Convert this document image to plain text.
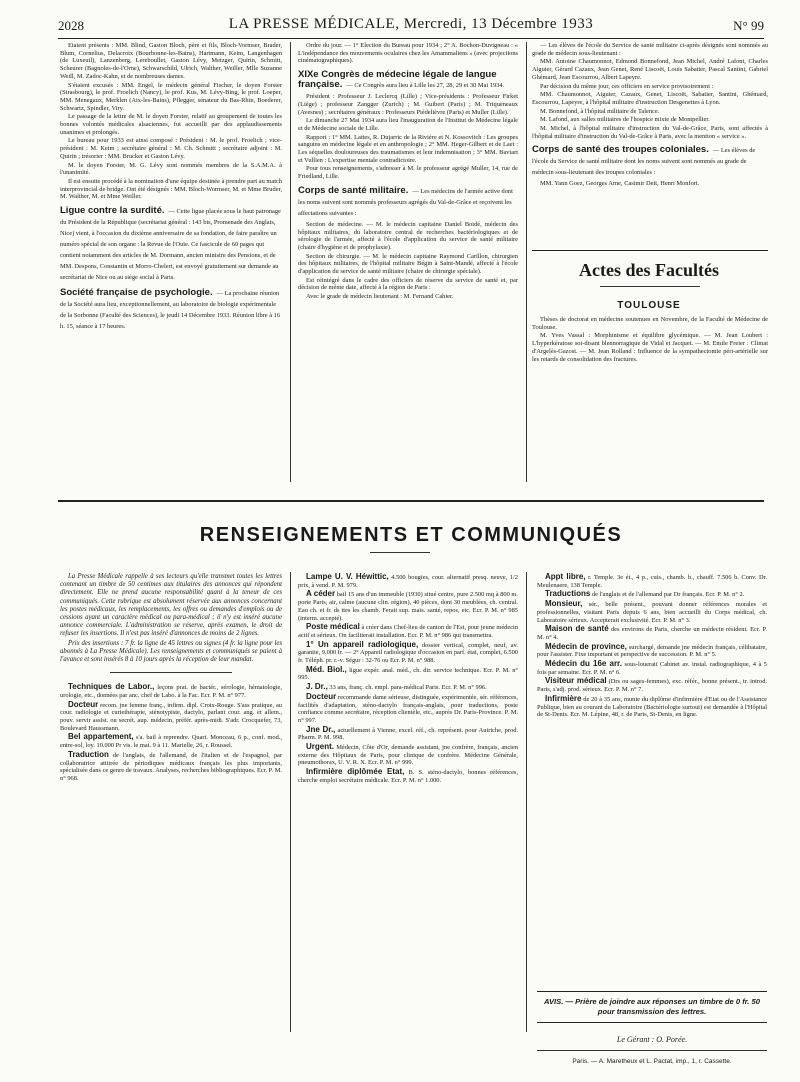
2028	LA PRESSE MÉDICALE, Mercredi, 13 Décembre 1933	N° 99

Etaient présents : MM. Blind, Gaston Bloch, père et fils, Bloch-Vormser, Brader, Blum, Cornelius, Delacroix (Bourbonne-les-Bains), Hartmann, Keim, Langenhagen (de Luxeuil), Lanzenberg, Lereboullet, Gaston Lévy, Metzger, Quirin, Schmitt, Scheurer (Bagnoles-de-l'Orne), Schwarschild, Ulrich, Walther, Weiller, Mlle Suzanne Weill, M. Zadoc-Kahn, et de nombreuses dames.

S'étaient excusés : MM. Engel, le médecin général Fischer, le doyen Forster (Strasbourg), le prof. Froelich (Nancy), le prof. Kus, M. Lévy-Bing, le prof. Loeper, MM. Menegaux, Merklen (Aix-les-Bains), Pflegger, sénateur du Bas-Rhin, Boederer, Schwartz, Spindler, Viry.

Le passage de la lettre de M. le doyen Forster, relatif au groupement de toutes les bonnes volontés médicales alsaciennes, fut accueilli par des applaudissements unanimes et prolongés.

Le bureau pour 1933 est ainsi composé : Président : M. le prof. Froelich ; vice-président : M. Keim ; secrétaire général : M. Ch. Schmitt ; secrétaire adjoint : M. Quirin ; trésorier : MM. Brucker et Gaston Lévy.

M. le doyen Forster, M. G. Lévy sont nommés membres de la S.A.M.A. à l'unanimité.

Il est ensuite procédé à la nomination d'une équipe destinée à prendre part au match interprovincial de bridge. Ont été désignés : MM. Bloch-Wormser, M. et Mme Bruder, M. Walther, M. et Mme Weiller.

Ligue contre la surdité. — Cette ligue placée sous le haut patronage du Président de la République (secrétariat général : 143 bis, Promenade des Anglais, Nice) vient, à l'occasion du dixième anniversaire de sa fondation, de faire paraître un numéro spécial de son organe : la Revue de l'Ouïe. Ce fascicule de 60 pages qui contient notamment des articles de M. Dormann, ancien ministre des Pensions, et de MM. Despons, Constantin et Morro-Chelert, est envoyé gratuitement sur demande au secrétariat de Nice ou au siège social à Paris.
Société française de psychologie. — La prochaine réunion de la Société aura lieu, exceptionnellement, au laboratoire de biologie expérimentale de la Sorbonne (Faculté des Sciences), le jeudi 14 Décembre 1933. Réunion libre à 16 h. 15, séance à 17 heures.

Ordre du jour. — 1° Election du Bureau pour 1934 ; 2° A. Bochon-Duvigneau : « L'indépendance des mouvements oculaires chez les Amammaliens » (avec projections cinématographiques).

XIXe Congrès de médecine légale de langue française. — Ce Congrès aura lieu à Lille les 27, 28, 29 et 30 Mai 1934.

Président : Professeur J. Leclercq (Lille) ; Vice-présidents : Professeur Firket (Liège) ; professeur Zangger (Zurich) ; M. Guibert (Paris) ; M. Triqueneaux (Avesnes) ; secrétaires généraux : Professeurs Piédelièvre (Paris) et Muller (Lille).

Le dimanche 27 Mai 1934 aura lieu l'inauguration de l'Institut de Médecine légale et de Médecine sociale de Lille.

Rapport : 1° MM. Lattes, R. Dujarric de la Rivière et N. Kossovitch : Les groupes sanguins en médecine légale et en anthropologie ; 2° MM. Heger-Gilbert et de Laet : Les séquelles douloureuses des traumatismes et leur indemnisation ; 3° MM. Baviart et Vullien : L'expertise mentale contradictoire.

Pour tous renseignements, s'adresser à M. le professeur agrégé Muller, 14, rue de Friedland, Lille.

Corps de santé militaire. — Les médecins de l'armée active dont les noms suivent sont nommés professeurs agrégés du Val-de-Grâce et reçoivent les affectations suivantes :

Section de médecine. — M. le médecin capitaine Daniel Boidé, médecin des hôpitaux militaires, du laboratoire central de recherches bactériologiques et de sérologie de l'armée, affecté à l'école d'application du service de santé militaire (chaire d'hygiène et de prophylaxie).

Section de chirurgie. — M. le médecin capitaine Raymond Carillon, chirurgien des hôpitaux militaires, de l'hôpital militaire Bégin à Saint-Mandé, affecté à l'école d'application du service de santé militaire (chaire de chirurgie spéciale).

Est réintégré dans le cadre des officiers de réserve du service de santé et, par décision de même date, affecté à la région de Paris :

Avec le grade de médecin lieutenant : M. Fernand Cahier.

— Les élèves de l'école du Service de santé militaire ci-après désignés sont nommés au grade de médecin sous-lieutenant :

MM. Antoine Chaumonnot, Edmond Bonnefond, Jean Michel, André Lafont, Charles Aiguier, Gérard Cazaux, Jean Genet, René Liscoët, Louis Sabatier, Pascal Santini, Gabriel Ghémard, Jean Escourrou, Albert Lapeyre.

Par décision du même jour, ces officiers en service provisoirement :

MM. Chaumonnot, Aiguier, Cazaux, Genet, Liscoët, Sabatier, Santini, Ghémard, Escourrou, Lapeyre, à l'hôpital militaire d'instruction Desgenettes à Lyon.

M. Bonnefond, à l'hôpital militaire de Talence.

M. Lafond, aux salles militaires de l'hospice mixte de Montpellier.

M. Michel, à l'hôpital militaire d'instruction du Val-de-Grâce, Paris, sont affectés à l'hôpital militaire d'instruction du Val-de-Grâce à Paris, avec la mention « service ».

Corps de santé des troupes coloniales. — Les élèves de l'école du Service de santé militaire dont les noms suivent sont nommés au grade de médecin sous-lieutenant des troupes coloniales :

MM. Yann Goez, Georges Arne, Casimir Deit, Henri Monfort.

Actes des Facultés
TOULOUSE

Thèses de doctorat en médecine soutenues en Novembre, de la Faculté de Médecine de Toulouse.

M. Yves Vassal : Morphinisme et équilibre glycémique. — M. Jean Loubert : L'hyperkératose soi-disant blennorragique de Vidal et Jacquet. — M. Emile Freier : Climat d'Argelès-Gazost. — M. Jean Rolland : Influence de la sympathectomie péri-artérielle sur les retards de consolidation des fractures.

RENSEIGNEMENTS ET COMMUNIQUÉS

La Presse Médicale rappelle à ses lecteurs qu'elle transmet toutes les lettres contenant un timbre de 50 centimes aux titulaires des annonces qui répondent directement. Elle ne prend aucune responsabilité quant à la teneur de ces communiqués. Cette rubrique est absolument réservée aux annonces concernant les postes médicaux, les remplacements, les offres ou demandes d'emplois ou de cessions ayant un caractère médical ou para-médical ; il n'y est inséré aucune annonce commerciale. L'administration se réserve, après examen, le droit de refuser les insertions. Il n'est pas inséré d'annonces de moins de 2 lignes.

Prix des insertions : 7 fr. la ligne de 45 lettres ou signes (4 fr. la ligne pour les abonnés à La Presse Médicale). Les renseignements et communiqués se paient à l'avance et sont insérés 8 à 10 jours après la réception de leur mandat.

Techniques de Labor., leçons prat. de bactér., sérologie, hématologie, urologie, etc., données par anc. chef de Labo. à la Fac. Ecr. P. M. n° 977.

Docteur recom. jne femme franç., infirm. dipl. Croix-Rouge. S'ass pratique, au cour. radiologie et curiethérapie, sténotypiste, dactylo, parlant cour. ang. et allem., pouv. servir assist. ou secrét. aup. médecin, préfér. après-midi. S'adr. Crocquefer, 73, Boulevard Haussmann.

Bel appartement, s'a. bail à reprendre. Quart. Monceau, 6 p., conf. mod., entre-sol, loy. 10.000 Pr vis. le mat. 9 à 11. Marielle, 26, r. Roussel.

Traduction de l'anglais, de l'allemand, de l'italien et de l'espagnol, par collaboratrice attitrée de périodiques médicaux français les plus importants, spécialisée dans ce genre de travaux. Analyses, recherches bibliographiques. Ecr. P. M. n° 968.

Lampe U. V. Héwittic, 4.500 bougies, cour. alternatif presq. neuve, 1/2 prix, à vend. P. M. 979.

A céder bail 15 ans d'un immeuble (1930) situé centre, pure 2.500 mq à 800 m. porte Paris, air, calme (aucune clin. région), 40 pièces, dont 30 meublées, ch. central. Eau ch. et fr. ds ttes les chamb. Ferait sup. mais. santé, repos, etc. Ecr. P. M. n° 985 (interm. accepté).

Poste médical à créer dans Chef-lieu de canton de l'Est, pour jeune médecin actif et sérieux. On faciliterait installation. Ecr. P. M. n° 986 qui transmettra.

1° Un appareil radiologique, dossier vertical, complet, neuf, av. garantie, 9.000 fr. — 2° Appareil radiologique d'occasion en parf. état, complet, 6.500 fr. Téléph. pr. r.-v. Ségur : 32-76 ou Ecr. P. M. n° 988.

Méd. Biol., ligue expér. anal. méd., ch. dir. service technique. Ecr. P. M. n° 995.

J. Dr., 33 ans, franç. ch. empl. para-médical Paris. Ecr. P. M. n° 996.

Docteur recommande dame sérieuse, distinguée, expérimentée, sér. références, facilités d'adaptation, sténo-dactylo français-anglais, pour traductions, poste confiance comme secrétaire, réception clientèle, etc., auprès Dr. Paris-Province. P. M. n° 997.

Jne Dr., actuellement à Vienne, excel. réf., ch. représent. pour Autriche, prod. Pharm. P. M. 998.

Urgent. Médecin, Côte d'Or, demande assistant, jne confrère, français, ancien externe des Hôpitaux de Paris, pour clinique de confrère. Médecine Générale, pneumothorax, U. V. R. X. Ecr. P. M. n° 999.

Infirmière diplômée Etat, B. S. sténo-dactylo, bonnes références, cherche emploi secrétaire médicale. Ecr. P. M. n° 1.000.

Appt libre, r. Temple. 3e ét., 4 p., cuis., chamb. b., chauff. 7.506 b. Conv. Dr. Meulenaere, 138 Temple.

Traductions de l'anglais et de l'allemand par Dr français. Ecr. P. M. n° 2.

Monsieur, sér., belle présent., pouvant donner références morales et professionnelles, visitant Paris depuis 6 ans, bien accueilli du Corps médical, ch. Laboratoire sérieux. Accepterait exclusivité. Ecr. P. M. n° 3.

Maison de santé des environs de Paris, cherche un médecin résident. Ecr. P. M. n° 4.

Médecin de province, surchargé, demande jne médecin français, célibataire, pour l'assister. Fixe important et perspective de succession. P. M. n° 5.

Médecin du 16e arr. sous-louerait Cabinet av. instal. radiographique, 4 à 5 fois par semaine. Ecr. P. M. n° 6.

Visiteur médical (Drs ou sages-femmes), exc. référ., bonne présent., tr. introd. Paris, s'adj. prod. sérieux. Ecr. P. M. n° 7.

Infirmière de 20 à 35 ans, munie du diplôme d'infirmière d'Etat ou de l'Assistance Publique, bien au courant du Laboratoire (Bactériologie surtout) est demandée à l'Hôpital de St-Denis. Ecr. M. Lépine, 48, r. de Paris, St-Denis, en ligne.

AVIS. — Prière de joindre aux réponses un timbre de 0 fr. 50 pour transmission des lettres.
Le Gérant : O. Porée.
Paris. — A. Maretheux et L. Pactat, imp., 1, r. Cassette.
